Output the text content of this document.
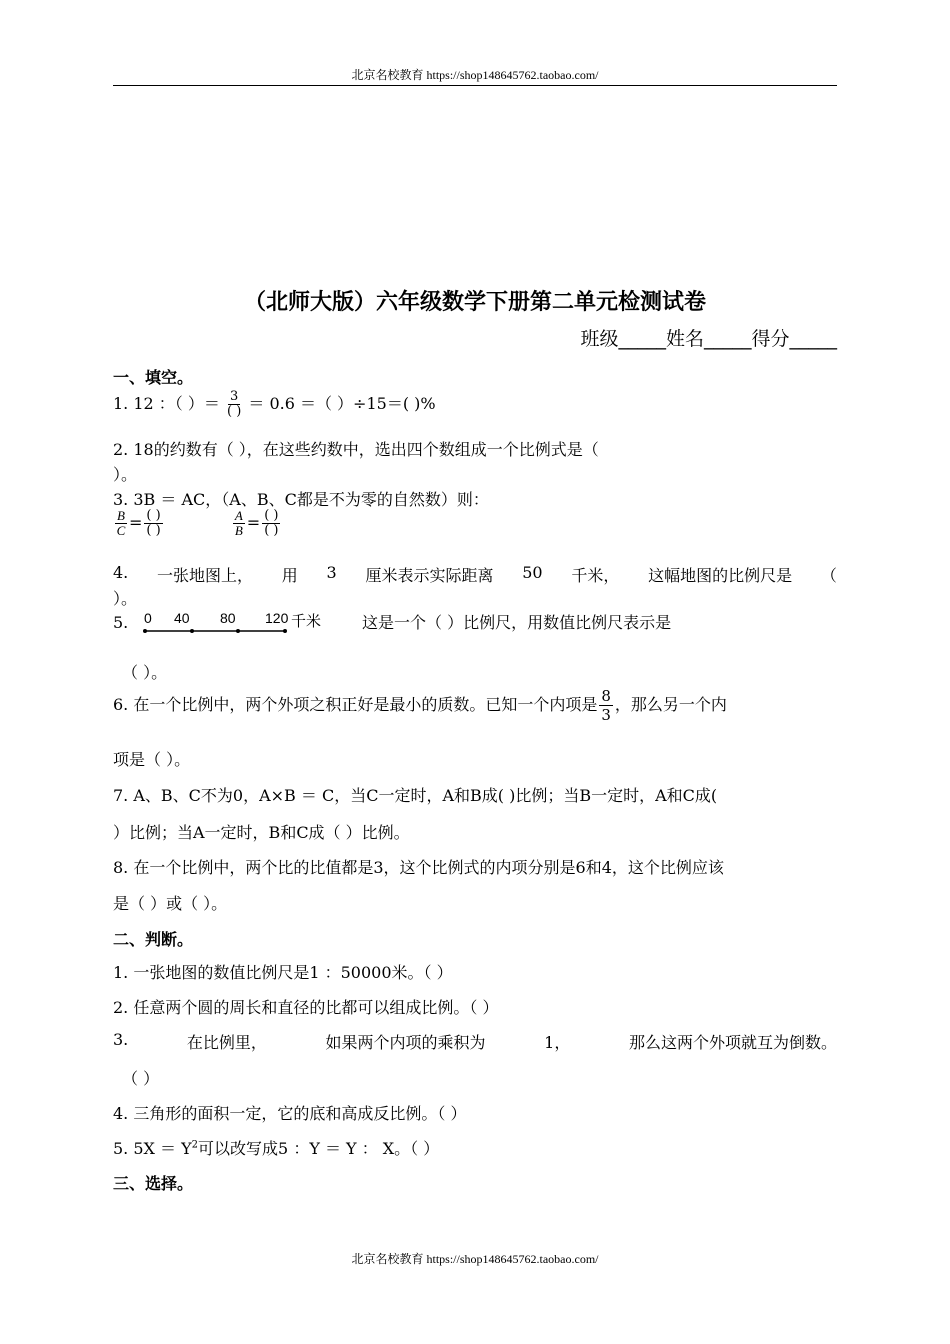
北京名校教育 https://shop148645762.taobao.com/
（北师大版）六年级数学下册第二单元检测试卷
班级_____姓名_____得分_____
一、填空。
1. 12 ：（ ）＝ $\frac{3}{( )} = 0.6$ ＝（ ）÷15＝( )%
2. 18的约数有（ ），在这些约数中，选出四个数组成一个比例式是（
）。
3. 3B ＝ AC，（A、B、C都是不为零的自然数）则：
$\frac{B}{C} = \frac{( )}{( )}$
	$\frac{A}{B} = \frac{( )}{( )}$
4. 一张地图上， 用 3 厘米表示实际距离 50 千米， 这幅地图的比例尺是 （
）。
5. 0 40 80 120 千米	这是一个（ ）比例尺，用数值比例尺表示是
（ ）。
6. 在一个比例中，两个外项之积正好是最小的质数。已知一个内项是 $\frac{8}{3}$ ，那么另一个内
项是（ ）。
7. A、B、C不为0，A×B ＝ C，当C一定时，A和B成( )比例；当B一定时，A和C成(
）比例；当A一定时，B和C成（ ）比例。
8. 在一个比例中，两个比的比值都是3，这个比例式的内项分别是6和4，这个比例应该
是（ ）或（ ）。
二、判断。
1. 一张地图的数值比例尺是1 ：50000米。（ ）
2. 任意两个圆的周长和直径的比都可以组成比例。（ ）
3.	在比例里，	如果两个内项的乘积为	1，	那么这两个外项就互为倒数。
（ ）
4. 三角形的面积一定，它的底和高成反比例。（ ）
5. $5X = Y^2$可以改写成5 ：Y ＝ Y ： X。（ ）
三、选择。
北京名校教育 https://shop148645762.taobao.com/
